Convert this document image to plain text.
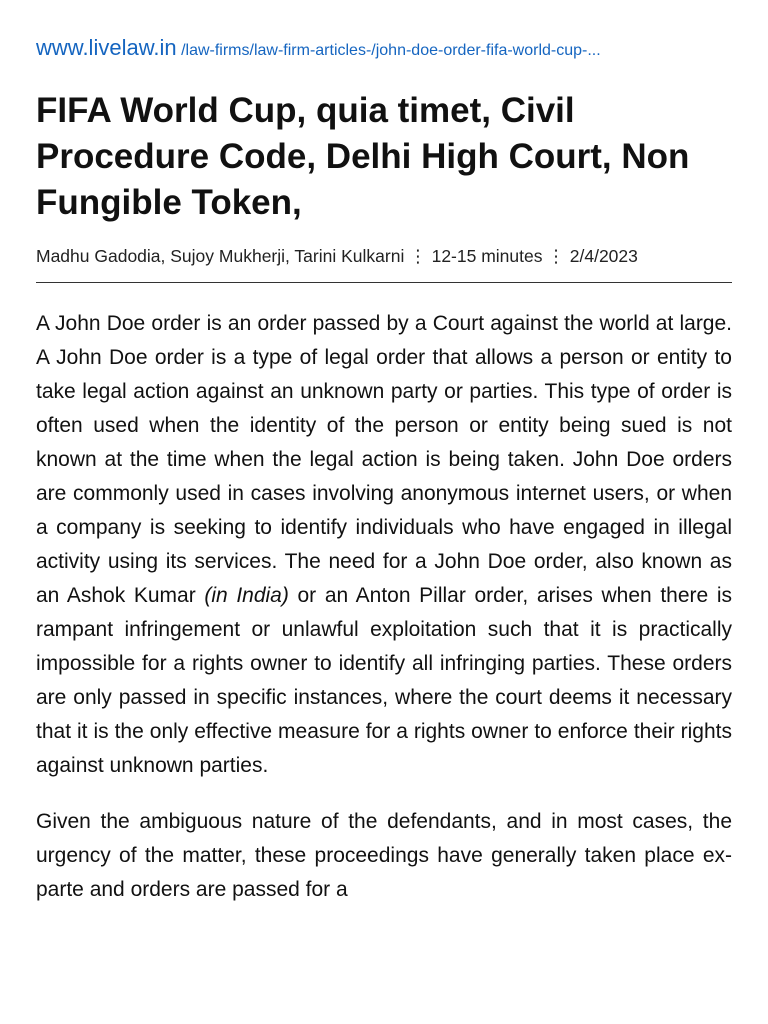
www.livelaw.in /law-firms/law-firm-articles-/john-doe-order-fifa-world-cup-...
FIFA World Cup, quia timet, Civil Procedure Code, Delhi High Court, Non Fungible Token,
Madhu Gadodia, Sujoy Mukherji, Tarini Kulkarni ⋮ 12-15 minutes ⋮ 2/4/2023

A John Doe order is an order passed by a Court against the world at large. A John Doe order is a type of legal order that allows a person or entity to take legal action against an unknown party or parties. This type of order is often used when the identity of the person or entity being sued is not known at the time when the legal action is being taken. John Doe orders are commonly used in cases involving anonymous internet users, or when a company is seeking to identify individuals who have engaged in illegal activity using its services. The need for a John Doe order, also known as an Ashok Kumar (in India) or an Anton Pillar order, arises when there is rampant infringement or unlawful exploitation such that it is practically impossible for a rights owner to identify all infringing parties. These orders are only passed in specific instances, where the court deems it necessary that it is the only effective measure for a rights owner to enforce their rights against unknown parties.

Given the ambiguous nature of the defendants, and in most cases, the urgency of the matter, these proceedings have generally taken place ex-parte and orders are passed for a
